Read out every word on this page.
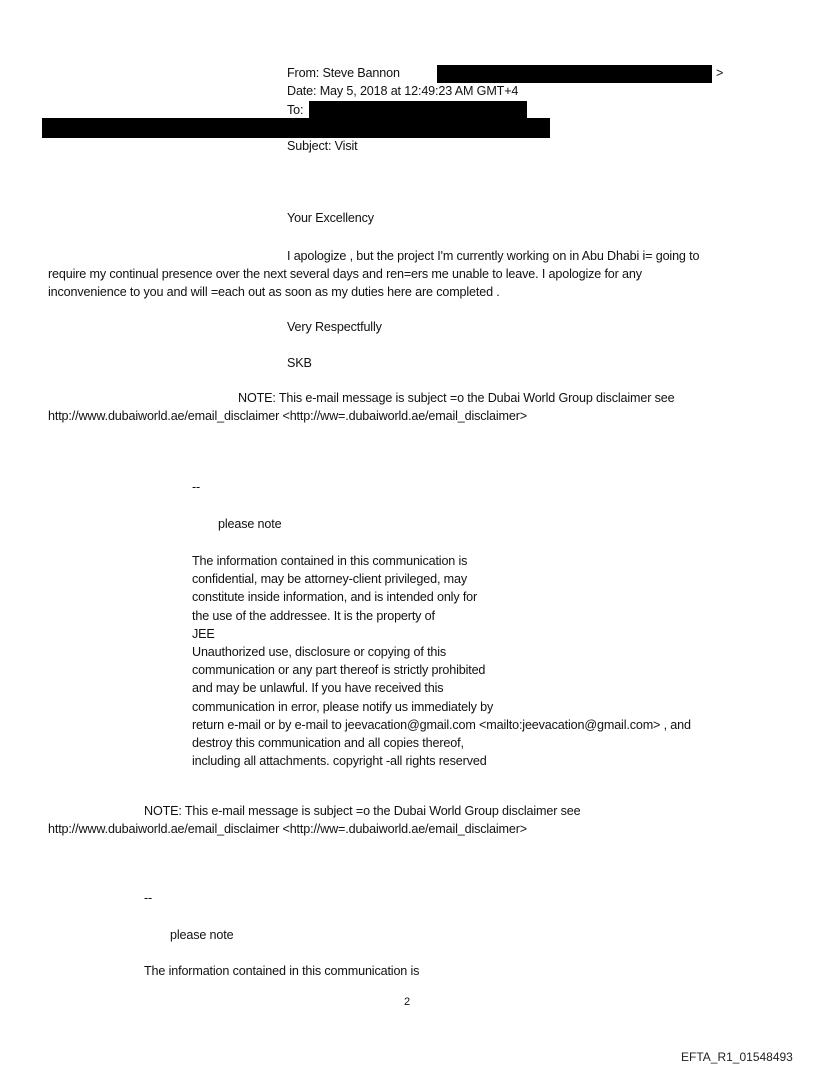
From: Steve Bannon	>
Date: May 5, 2018 at 12:49:23 AM GMT+4
To:
Subject: Visit
Your Excellency
I apologize , but the project I'm currently working on in Abu Dhabi i= going to
require my continual presence over the next several days and ren=ers me unable to leave. I apologize for any
inconvenience to you and will =each out as soon as my duties here are completed .
Very Respectfully
SKB
NOTE: This e-mail message is subject =o the Dubai World Group disclaimer see
http://www.dubaiworld.ae/email_disclaimer <http://ww=.dubaiworld.ae/email_disclaimer>
--
please note
The information contained in this communication is
confidential, may be attorney-client privileged, may
constitute inside information, and is intended only for
the use of the addressee. It is the property of
JEE
Unauthorized use, disclosure or copying of this
communication or any part thereof is strictly prohibited
and may be unlawful. If you have received this
communication in error, please notify us immediately by
return e-mail or by e-mail to jeevacation@gmail.com <mailto:jeevacation@gmail.com> , and
destroy this communication and all copies thereof,
including all attachments. copyright -all rights reserved
NOTE: This e-mail message is subject =o the Dubai World Group disclaimer see
http://www.dubaiworld.ae/email_disclaimer <http://ww=.dubaiworld.ae/email_disclaimer>
--
please note
The information contained in this communication is
2
EFTA_R1_01548493
